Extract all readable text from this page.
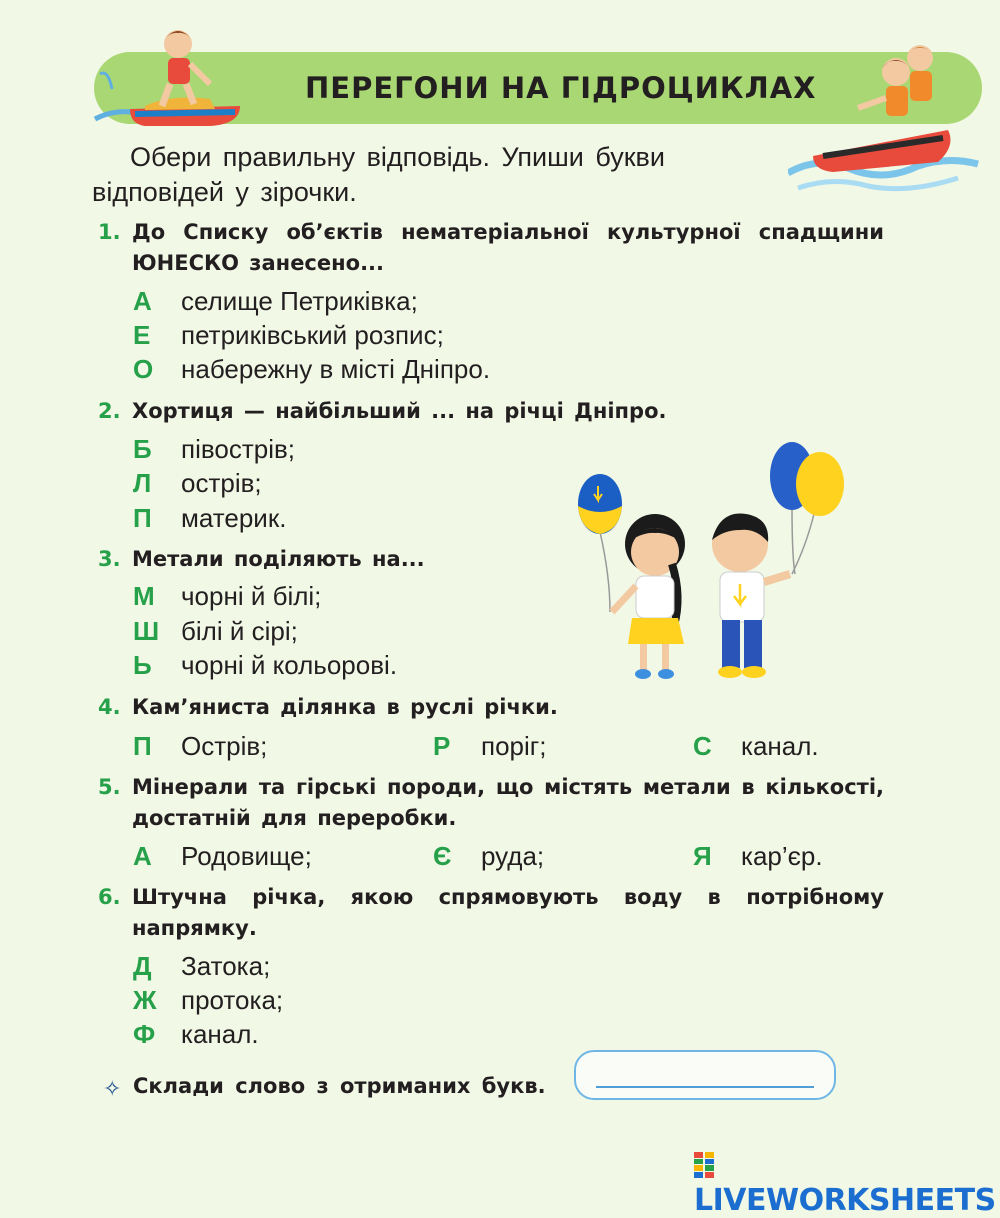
ПЕРЕГОНИ НА ГІДРОЦИКЛАХ
Обери правильну відповідь. Упиши букви відповідей у зірочки.
1. До Списку об’єктів нематеріальної культурної спадщини ЮНЕСКО занесено...
А селище Петриківка;
Е петриківський розпис;
О набережну в місті Дніпро.
2. Хортиця — найбільший ... на річці Дніпро.
Б півострів;
Л острів;
П материк.
3. Метали поділяють на...
М чорні й білі;
Ш білі й сірі;
Ь чорні й кольорові.
4. Кам’яниста ділянка в руслі річки.
П Острів;	Р поріг;	С канал.
5. Мінерали та гірські породи, що містять метали в кількості, достатній для переробки.
А Родовище;	Є руда;	Я кар’єр.
6. Штучна річка, якою спрямовують воду в потрібному напрямку.
Д Затока;
Ж протока;
Ф канал.
✧ Склади слово з отриманих букв.
LIVEWORKSHEETS
